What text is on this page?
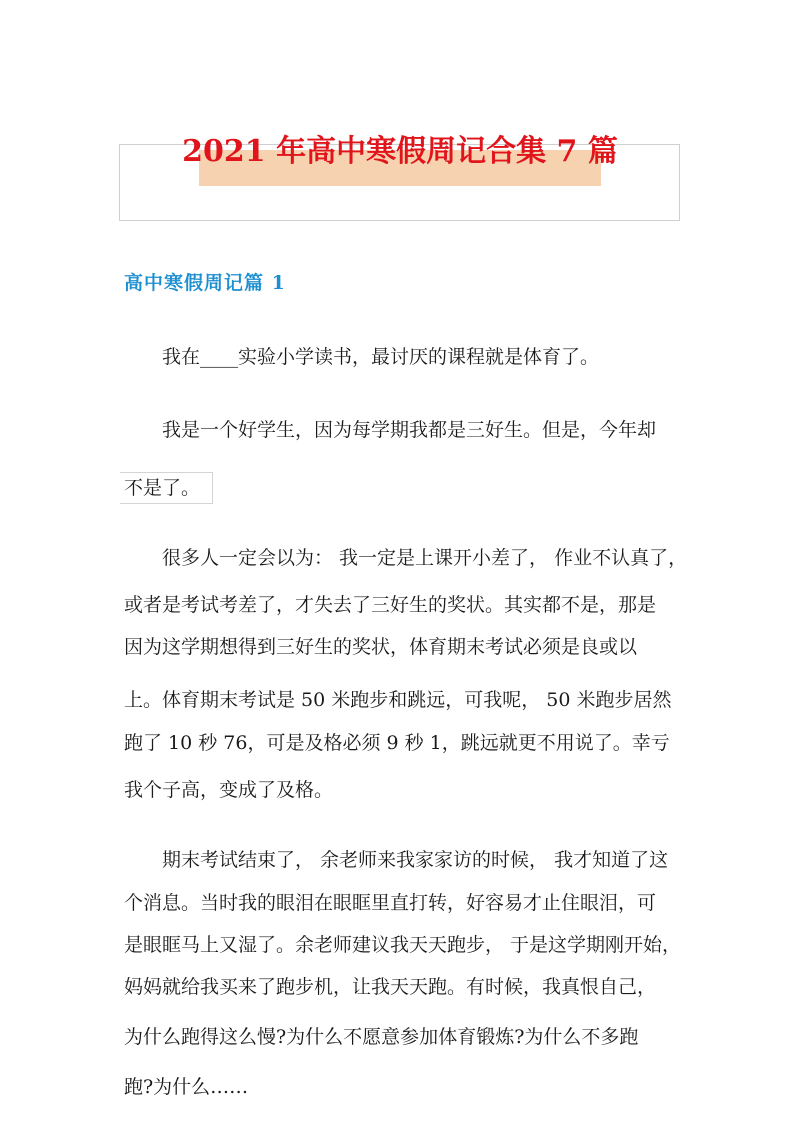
2021 年高中寒假周记合集 7 篇
高中寒假周记篇 1

我在____实验小学读书，最讨厌的课程就是体育了。

我是一个好学生，因为每学期我都是三好生。但是，今年却

不是了。

很多人一定会以为： 我一定是上课开小差了， 作业不认真了，

或者是考试考差了，才失去了三好生的奖状。其实都不是，那是

因为这学期想得到三好生的奖状，体育期末考试必须是良或以

上。体育期末考试是 50 米跑步和跳远，可我呢， 50 米跑步居然

跑了 10 秒 76，可是及格必须 9 秒 1，跳远就更不用说了。幸亏

我个子高，变成了及格。

期末考试结束了， 余老师来我家家访的时候， 我才知道了这

个消息。当时我的眼泪在眼眶里直打转，好容易才止住眼泪，可

是眼眶马上又湿了。余老师建议我天天跑步， 于是这学期刚开始，

妈妈就给我买来了跑步机，让我天天跑。有时候，我真恨自己，

为什么跑得这么慢?为什么不愿意参加体育锻炼?为什么不多跑

跑?为什么……
